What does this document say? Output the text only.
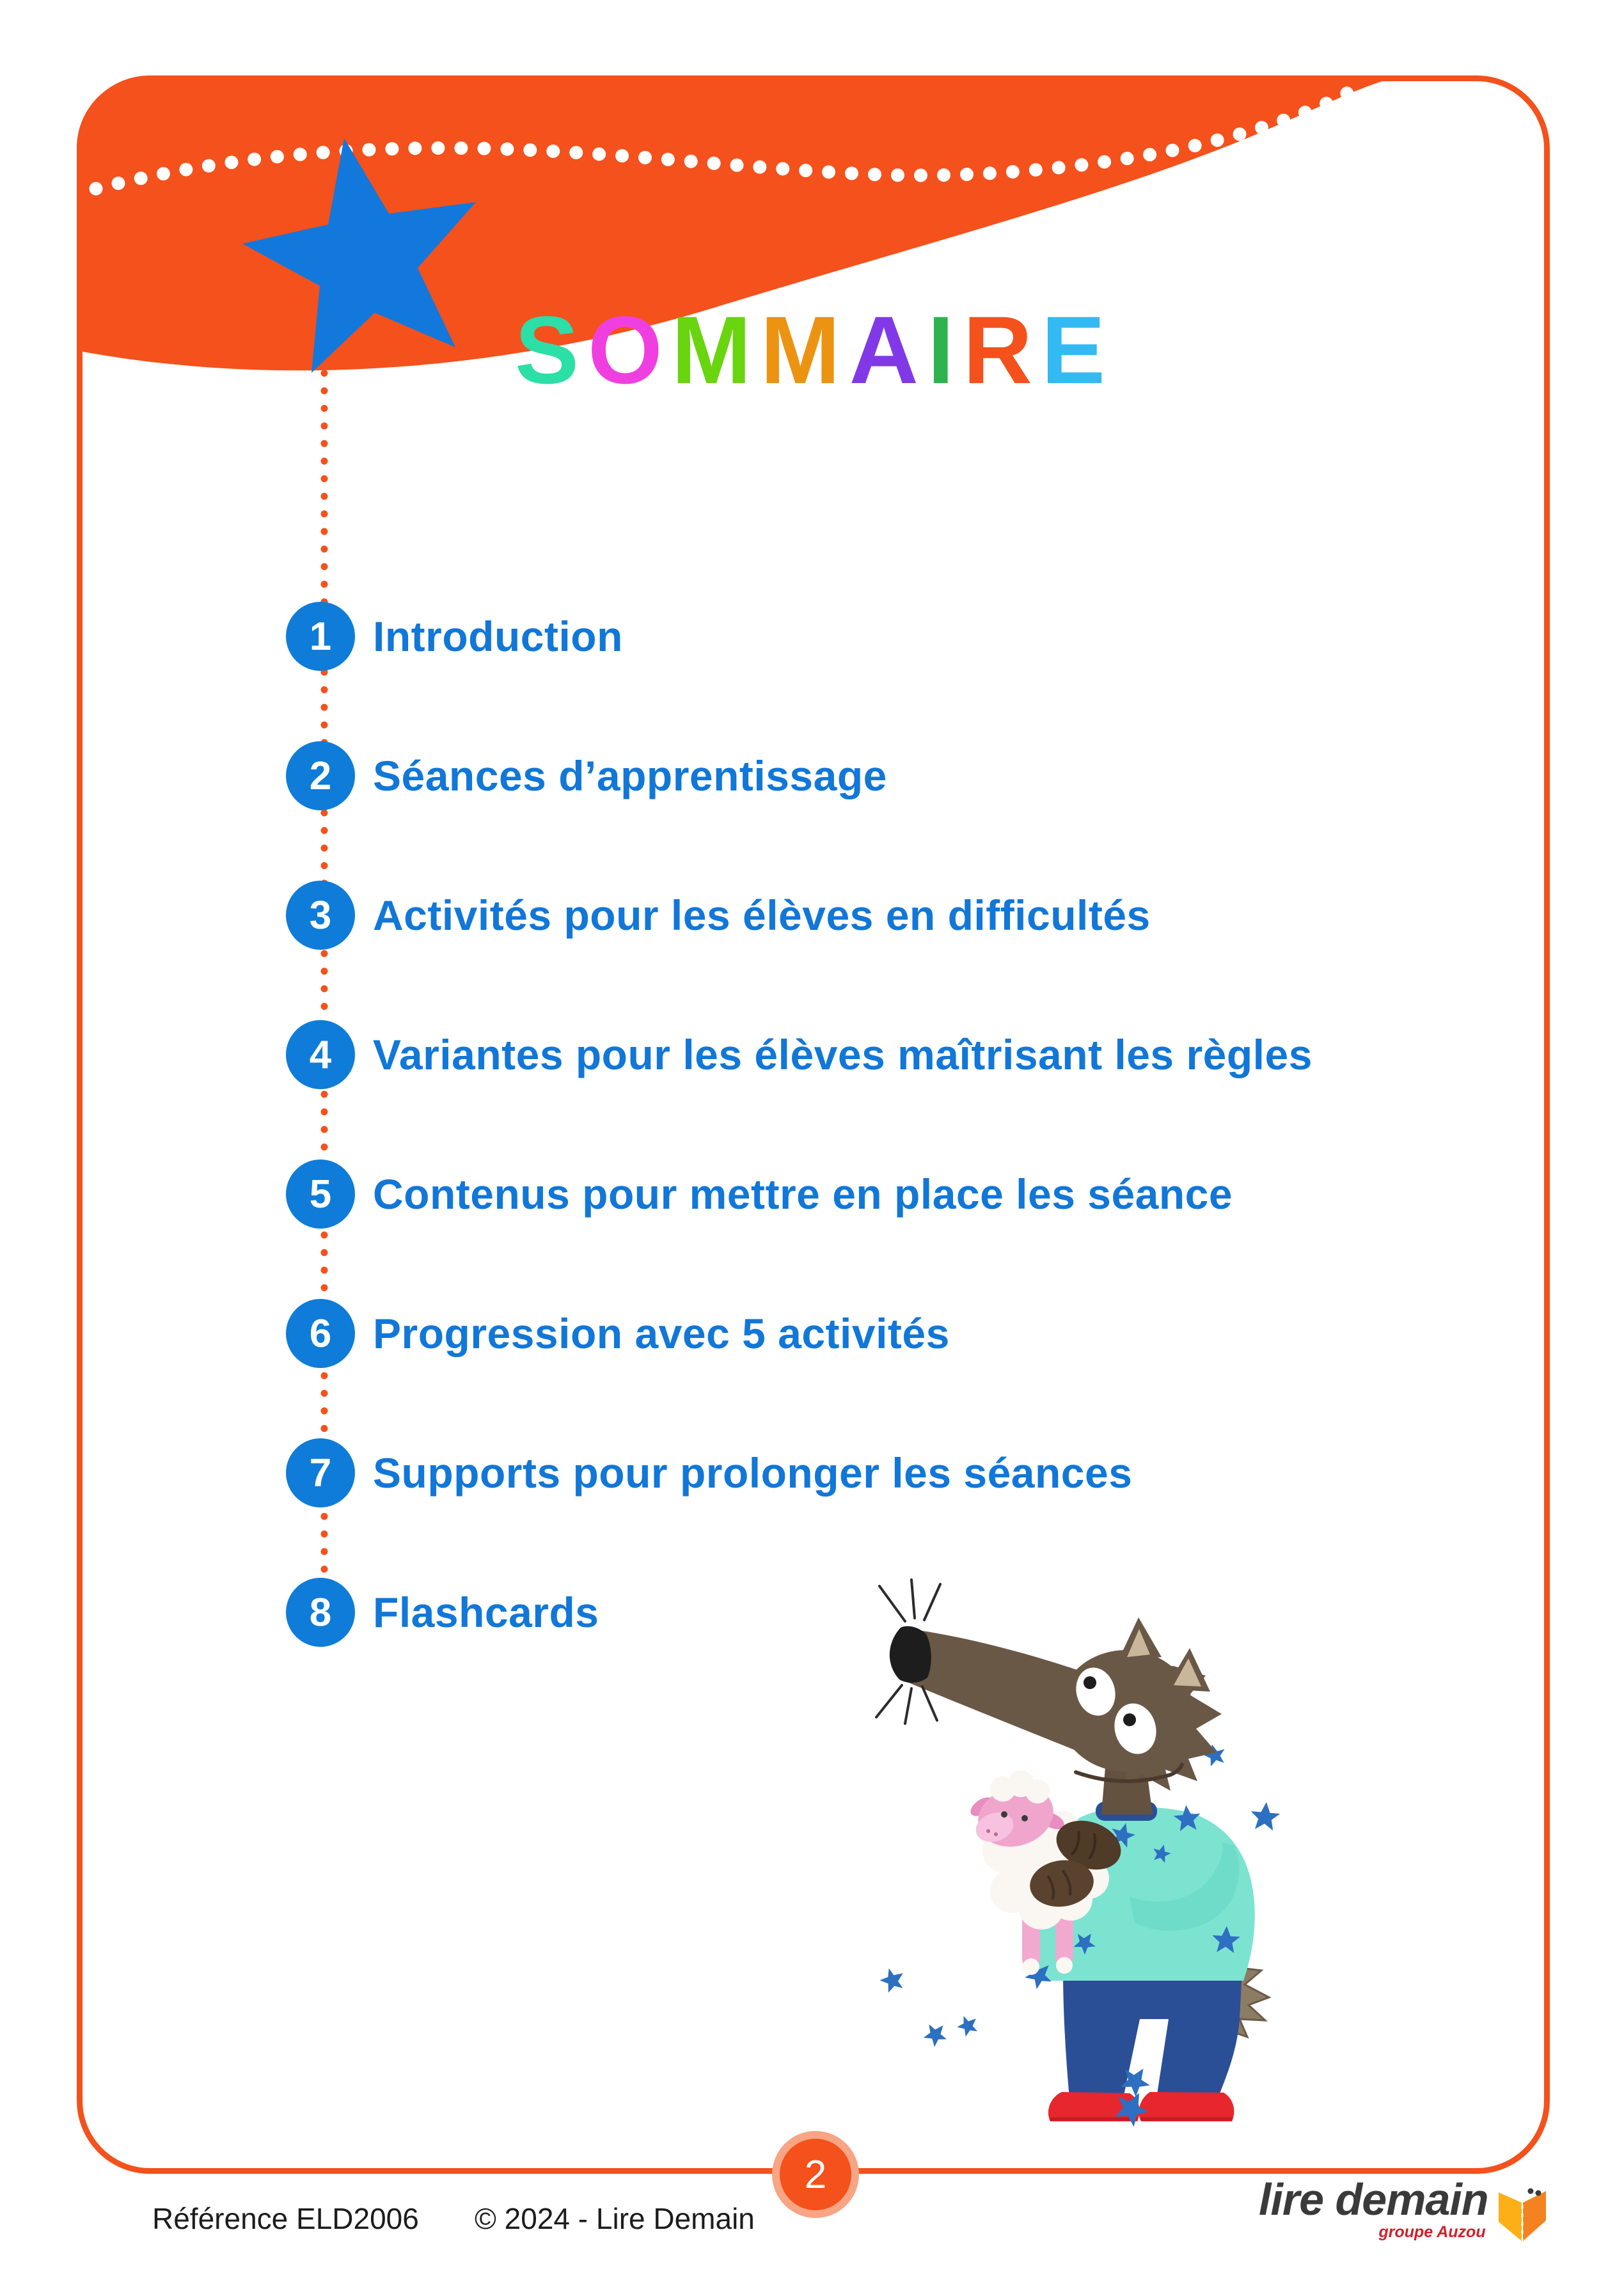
S O M M A I R E
1 Introduction
2 Séances d’apprentissage
3 Activités pour les élèves en difficultés
4 Variantes pour les élèves maîtrisant les règles
5 Contenus pour mettre en place les séance
6 Progression avec 5 activités
7 Supports pour prolonger les séances
8 Flashcards
Référence ELD2006 © 2024 - Lire Demain
2	lire demain
groupe Auzou
